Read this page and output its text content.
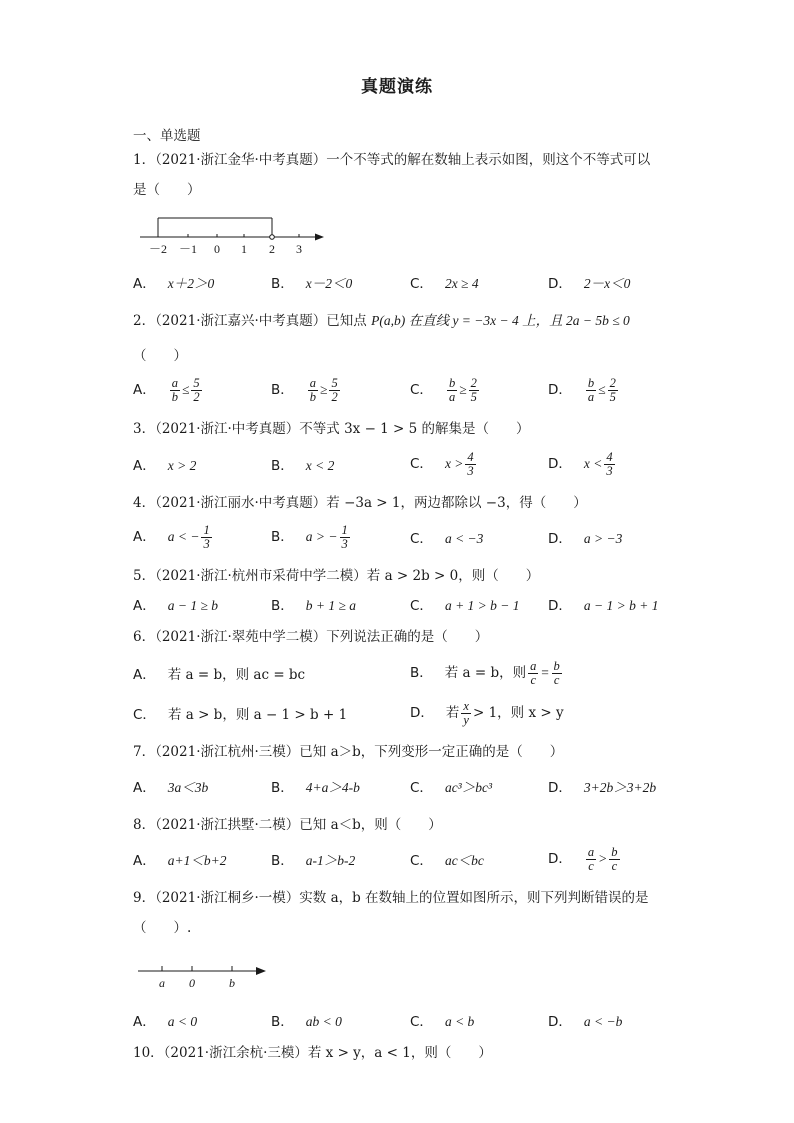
真题演练
一、单选题
1．（2021·浙江金华·中考真题）一个不等式的解在数轴上表示如图，则这个不等式可以
是（　　）
－2 －1 0 1 2 3
A． x＋2＞0	B． x－2＜0	C． 2x ≥ 4	D． 2－x＜0
2．（2021·浙江嘉兴·中考真题）已知点 P(a,b) 在直线 y = −3x − 4 上，且 2a − 5b ≤ 0
（　　）
A． $\frac{a}{b} \le \frac{5}{2}$	B． $\frac{a}{b} \ge \frac{5}{2}$	C． $\frac{b}{a} \ge \frac{2}{5}$	D． $\frac{b}{a} \le \frac{2}{5}$
3．（2021·浙江·中考真题）不等式 3x − 1 > 5 的解集是（　　）
A． x > 2	B． x < 2	C． $x > \frac{4}{3}$	D． $x < \frac{4}{3}$
4．（2021·浙江丽水·中考真题）若 −3a > 1，两边都除以 −3，得（　　）
A． a < − $\frac{1}{3}$	B． a > − $\frac{1}{3}$	C． a < −3	D． a > −3
5．（2021·浙江·杭州市采荷中学二模）若 a > 2b > 0，则（　　）
A． a − 1 ≥ b	B． b + 1 ≥ a	C． a + 1 > b − 1 D． a − 1 > b + 1
6．（2021·浙江·翠苑中学二模）下列说法正确的是（　　）
A． 若 a = b，则 ac = bc	B． 若 a = b，则 $\frac{a}{c} = \frac{b}{c}$
C． 若 a > b，则 a − 1 > b + 1	D． 若 $\frac{x}{y} > 1$，则 x > y
7．（2021·浙江杭州·三模）已知 a＞b，下列变形一定正确的是（　　）
A． 3a＜3b	B． 4+a＞4-b	C． ac³＞bc³	D． 3+2b＞3+2b
8．（2021·浙江拱墅·二模）已知 a＜b，则（　　）
A． a+1＜b+2	B． a-1＞b-2	C． ac＜bc	D． $\frac{a}{c} > \frac{b}{c}$
9．（2021·浙江桐乡·一模）实数 a，b 在数轴上的位置如图所示，则下列判断错误的是
（　　）.
a 0	b
A． a < 0	B． ab < 0	C． a < b	D． a < −b
10．（2021·浙江余杭·三模）若 x > y，a < 1，则（　　）
